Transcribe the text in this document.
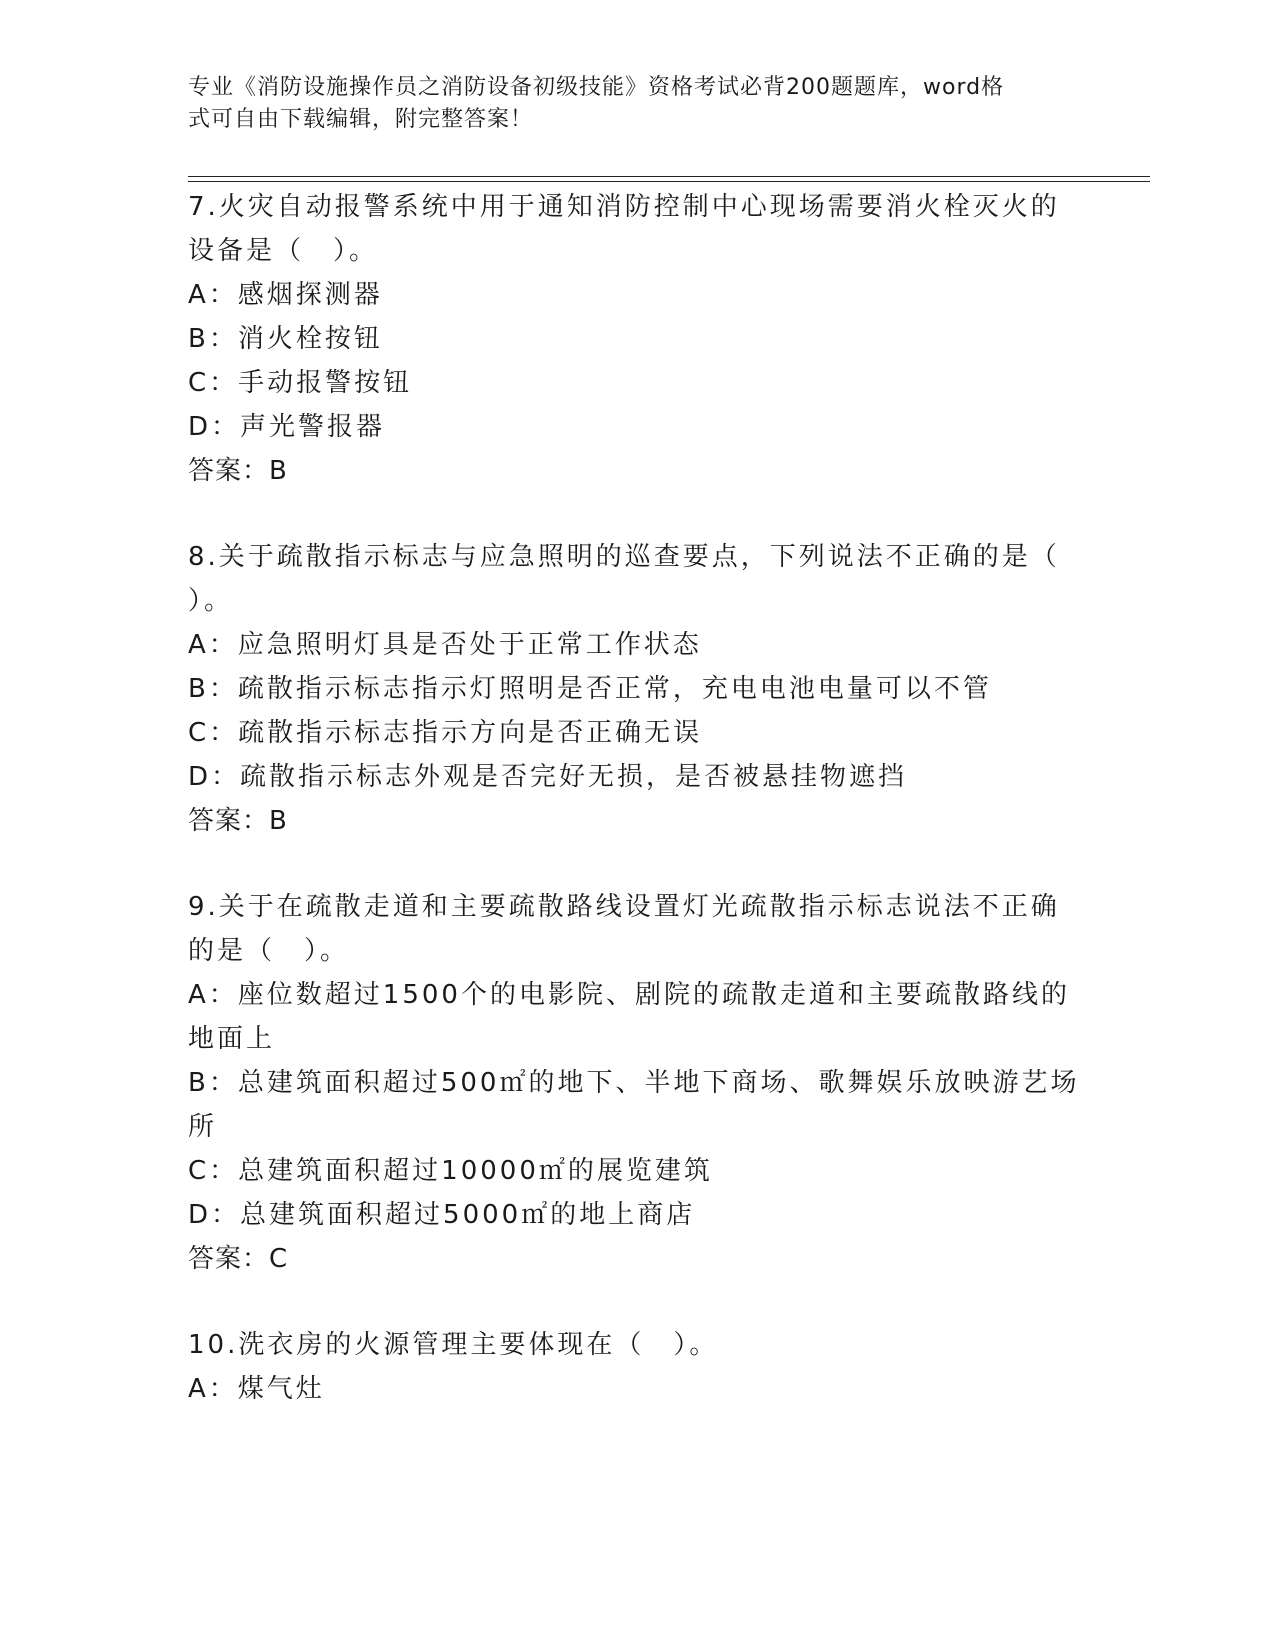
专业《消防设施操作员之消防设备初级技能》资格考试必背200题题库，word格
式可自由下载编辑，附完整答案！
7.火灾自动报警系统中用于通知消防控制中心现场需要消火栓灭火的
设备是（　）。
A：感烟探测器
B：消火栓按钮
C：手动报警按钮
D：声光警报器
答案：B
8.关于疏散指示标志与应急照明的巡查要点，下列说法不正确的是（
）。
A：应急照明灯具是否处于正常工作状态
B：疏散指示标志指示灯照明是否正常，充电电池电量可以不管
C：疏散指示标志指示方向是否正确无误
D：疏散指示标志外观是否完好无损，是否被悬挂物遮挡
答案：B
9.关于在疏散走道和主要疏散路线设置灯光疏散指示标志说法不正确
的是（　）。
A：座位数超过1500个的电影院、剧院的疏散走道和主要疏散路线的
地面上
B：总建筑面积超过500㎡的地下、半地下商场、歌舞娱乐放映游艺场
所
C：总建筑面积超过10000㎡的展览建筑
D：总建筑面积超过5000㎡的地上商店
答案：C
10.洗衣房的火源管理主要体现在（　）。
A：煤气灶
